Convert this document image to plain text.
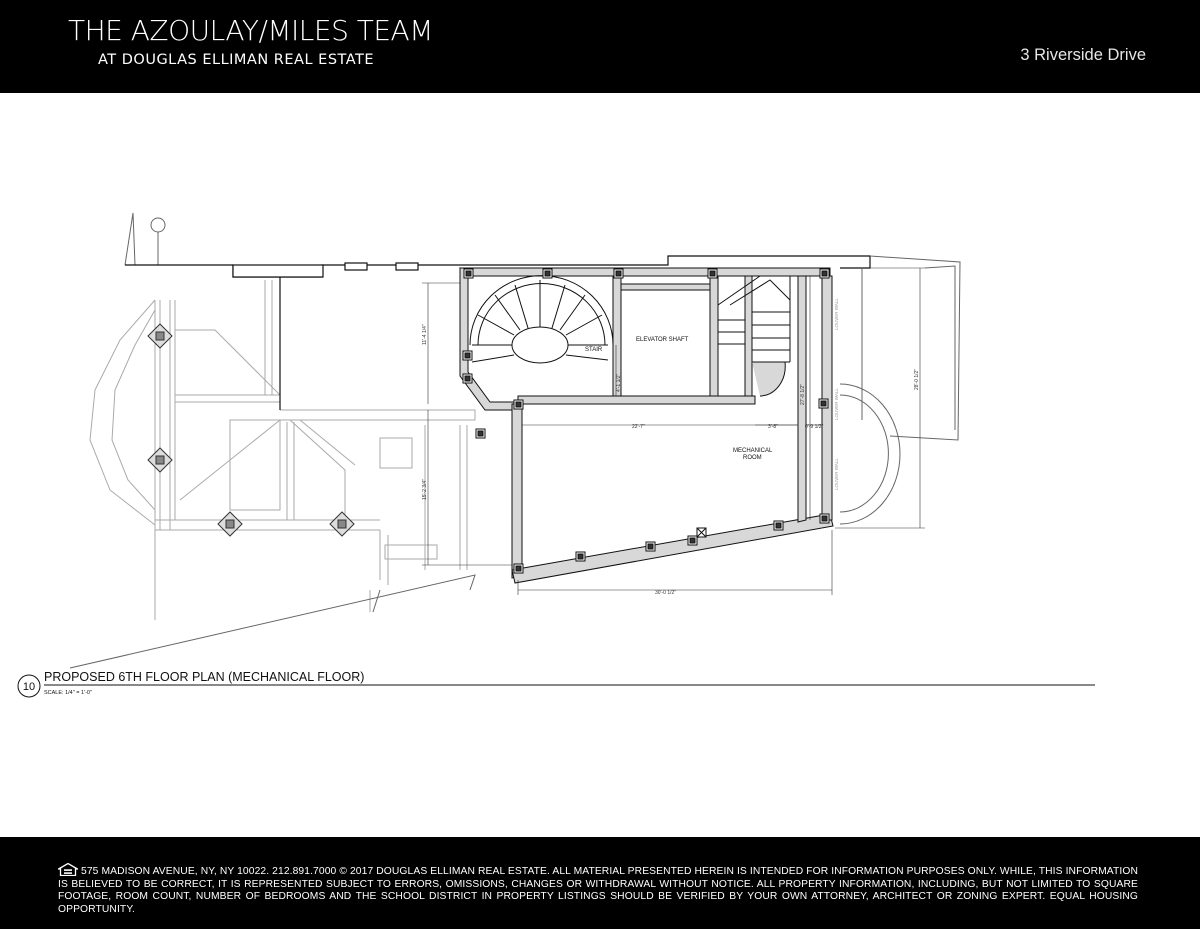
THE AZOULAY/MILES TEAM
AT DOUGLAS ELLIMAN REAL ESTATE	3 Riverside Drive
STAIR
ELEVATOR SHAFT
MECHANICAL
ROOM
22'-7"	3'-8"	0'-9 1/2"
30'-0 1/2"
11'-4 1/4"
15'-2 3/4"
4'-1 1/2"
27'-8 1/2"
28'-0 1/2"
LOUVER WALL
LOUVER WALL
LOUVER WALL
10
PROPOSED 6TH FLOOR PLAN (MECHANICAL FLOOR)
SCALE: 1/4" = 1'-0"
575 MADISON AVENUE, NY, NY 10022. 212.891.7000 © 2017 DOUGLAS ELLIMAN REAL ESTATE. ALL MATERIAL PRESENTED HEREIN IS INTENDED FOR INFORMATION PURPOSES ONLY. WHILE, THIS INFORMATION IS BELIEVED TO BE CORRECT, IT IS REPRESENTED SUBJECT TO ERRORS, OMISSIONS, CHANGES OR WITHDRAWAL WITHOUT NOTICE. ALL PROPERTY INFORMATION, INCLUDING, BUT NOT LIMITED TO SQUARE FOOTAGE, ROOM COUNT, NUMBER OF BEDROOMS AND THE SCHOOL DISTRICT IN PROPERTY LISTINGS SHOULD BE VERIFIED BY YOUR OWN ATTORNEY, ARCHITECT OR ZONING EXPERT. EQUAL HOUSING OPPORTUNITY.
